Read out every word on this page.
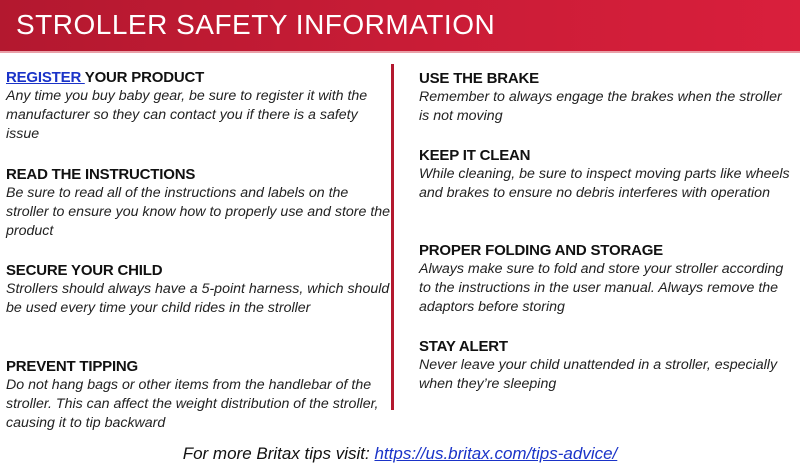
STROLLER SAFETY INFORMATION
REGISTER YOUR PRODUCT
Any time you buy baby gear, be sure to register it with the manufacturer so they can contact you if there is a safety issue
READ THE INSTRUCTIONS
Be sure to read all of the instructions and labels on the stroller to ensure you know how to properly use and store the product
SECURE YOUR CHILD
Strollers should always have a 5-point harness, which should be used every time your child rides in the stroller
PREVENT TIPPING
Do not hang bags or other items from the handlebar of the stroller. This can affect the weight distribution of the stroller, causing it to tip backward
USE THE BRAKE
Remember to always engage the brakes when the stroller is not moving
KEEP IT CLEAN
While cleaning, be sure to inspect moving parts like wheels and brakes to ensure no debris interferes with operation
PROPER FOLDING AND STORAGE
Always make sure to fold and store your stroller according to the instructions in the user manual. Always remove the adaptors before storing
STAY ALERT
Never leave your child unattended in a stroller, especially when they’re sleeping
For more Britax tips visit: https://us.britax.com/tips-advice/
